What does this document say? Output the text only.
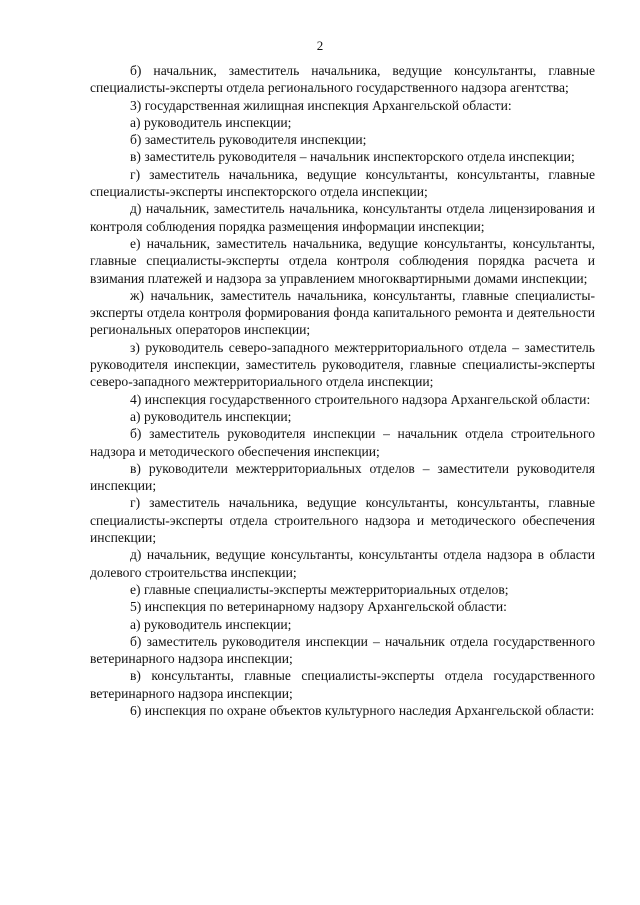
2

б) начальник, заместитель начальника, ведущие консультанты, главные специалисты-эксперты отдела регионального государственного надзора агентства;

3) государственная жилищная инспекция Архангельской области:

а) руководитель инспекции;

б) заместитель руководителя инспекции;

в) заместитель руководителя – начальник инспекторского отдела инспекции;

г) заместитель начальника, ведущие консультанты, консультанты, главные специалисты-эксперты инспекторского отдела инспекции;

д) начальник, заместитель начальника, консультанты отдела лицензирования и контроля соблюдения порядка размещения информации инспекции;

е) начальник, заместитель начальника, ведущие консультанты, консультанты, главные специалисты-эксперты отдела контроля соблюдения порядка расчета и взимания платежей и надзора за управлением многоквартирными домами инспекции;

ж) начальник, заместитель начальника, консультанты, главные специалисты-эксперты отдела контроля формирования фонда капитального ремонта и деятельности региональных операторов инспекции;

з) руководитель северо-западного межтерриториального отдела – заместитель руководителя инспекции, заместитель руководителя, главные специалисты-эксперты северо-западного межтерриториального отдела инспекции;

4) инспекция государственного строительного надзора Архангельской области:

а) руководитель инспекции;

б) заместитель руководителя инспекции – начальник отдела строительного надзора и методического обеспечения инспекции;

в) руководители межтерриториальных отделов – заместители руководителя инспекции;

г) заместитель начальника, ведущие консультанты, консультанты, главные специалисты-эксперты отдела строительного надзора и методического обеспечения инспекции;

д) начальник, ведущие консультанты, консультанты отдела надзора в области долевого строительства инспекции;

е) главные специалисты-эксперты межтерриториальных отделов;

5) инспекция по ветеринарному надзору Архангельской области:

а) руководитель инспекции;

б) заместитель руководителя инспекции – начальник отдела государственного ветеринарного надзора инспекции;

в) консультанты, главные специалисты-эксперты отдела государственного ветеринарного надзора инспекции;

6) инспекция по охране объектов культурного наследия Архангельской области:
